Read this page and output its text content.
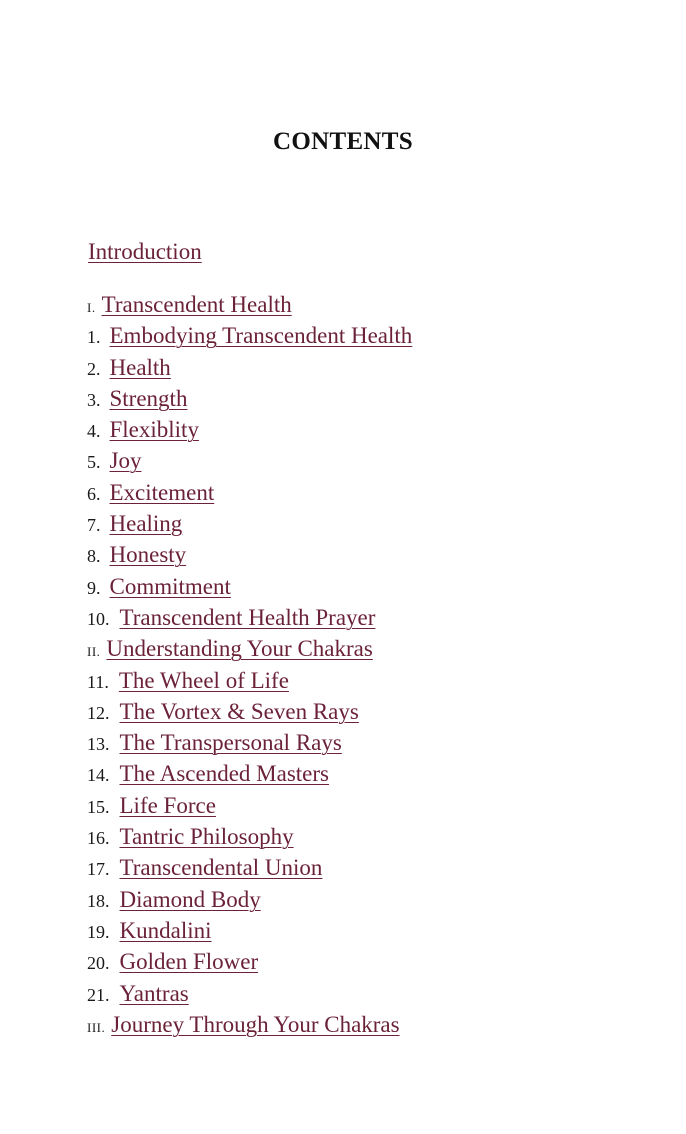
CONTENTS
Introduction
I. Transcendent Health
1. Embodying Transcendent Health
2. Health
3. Strength
4. Flexiblity
5. Joy
6. Excitement
7. Healing
8. Honesty
9. Commitment
10. Transcendent Health Prayer
II. Understanding Your Chakras
11. The Wheel of Life
12. The Vortex & Seven Rays
13. The Transpersonal Rays
14. The Ascended Masters
15. Life Force
16. Tantric Philosophy
17. Transcendental Union
18. Diamond Body
19. Kundalini
20. Golden Flower
21. Yantras
III. Journey Through Your Chakras
